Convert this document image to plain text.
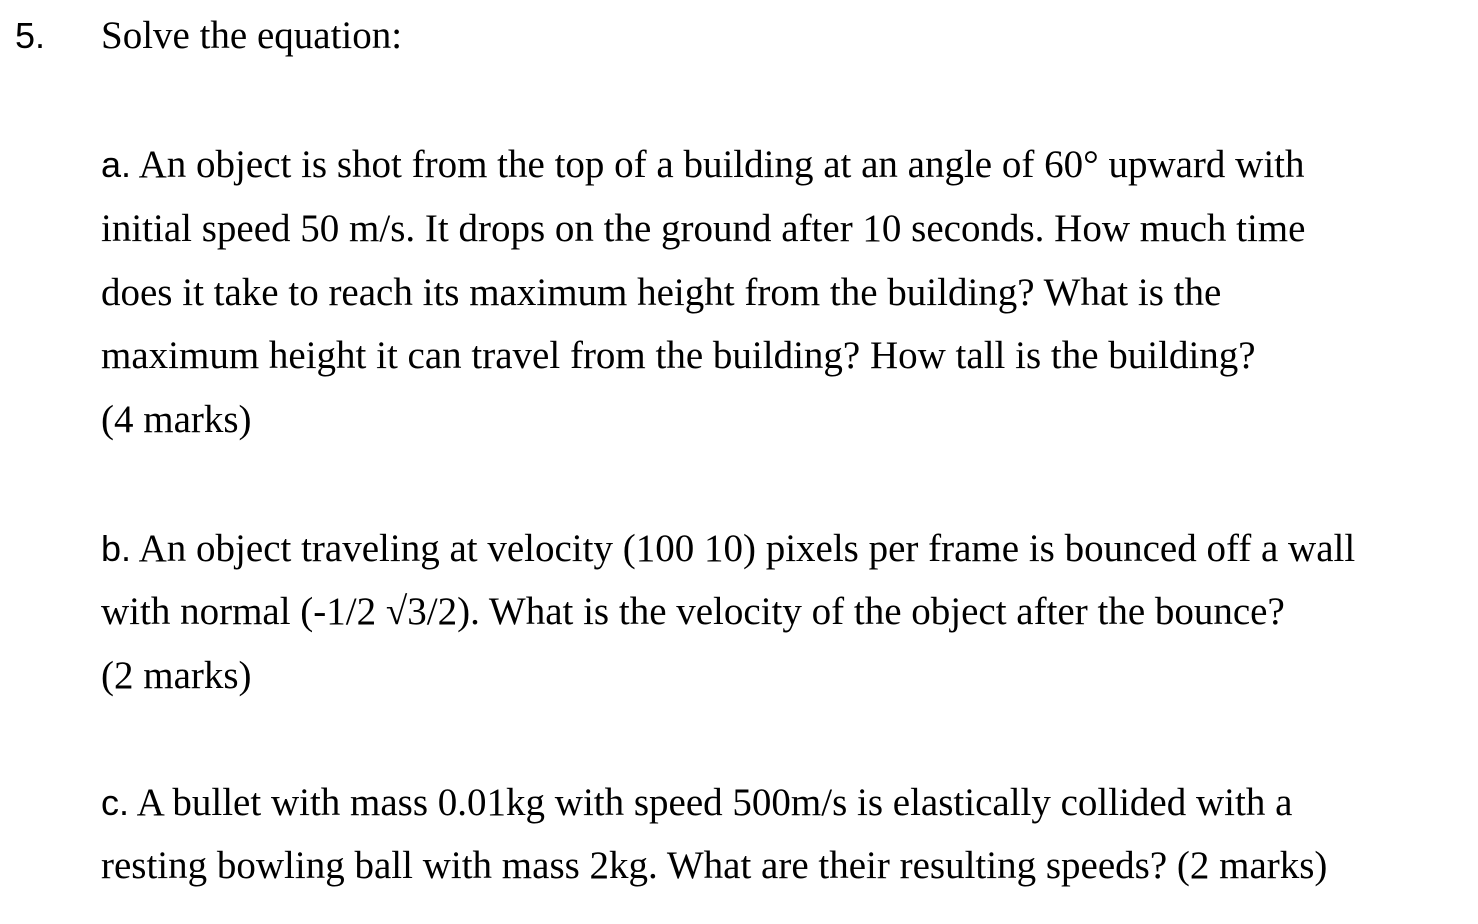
5. Solve the equation:
a. An object is shot from the top of a building at an angle of 60° upward with
initial speed 50 m/s. It drops on the ground after 10 seconds. How much time
does it take to reach its maximum height from the building? What is the
maximum height it can travel from the building? How tall is the building?
(4 marks)
b. An object traveling at velocity (100 10) pixels per frame is bounced off a wall
with normal (-1/2 √3/2). What is the velocity of the object after the bounce?
(2 marks)
c. A bullet with mass 0.01kg with speed 500m/s is elastically collided with a
resting bowling ball with mass 2kg. What are their resulting speeds? (2 marks)
